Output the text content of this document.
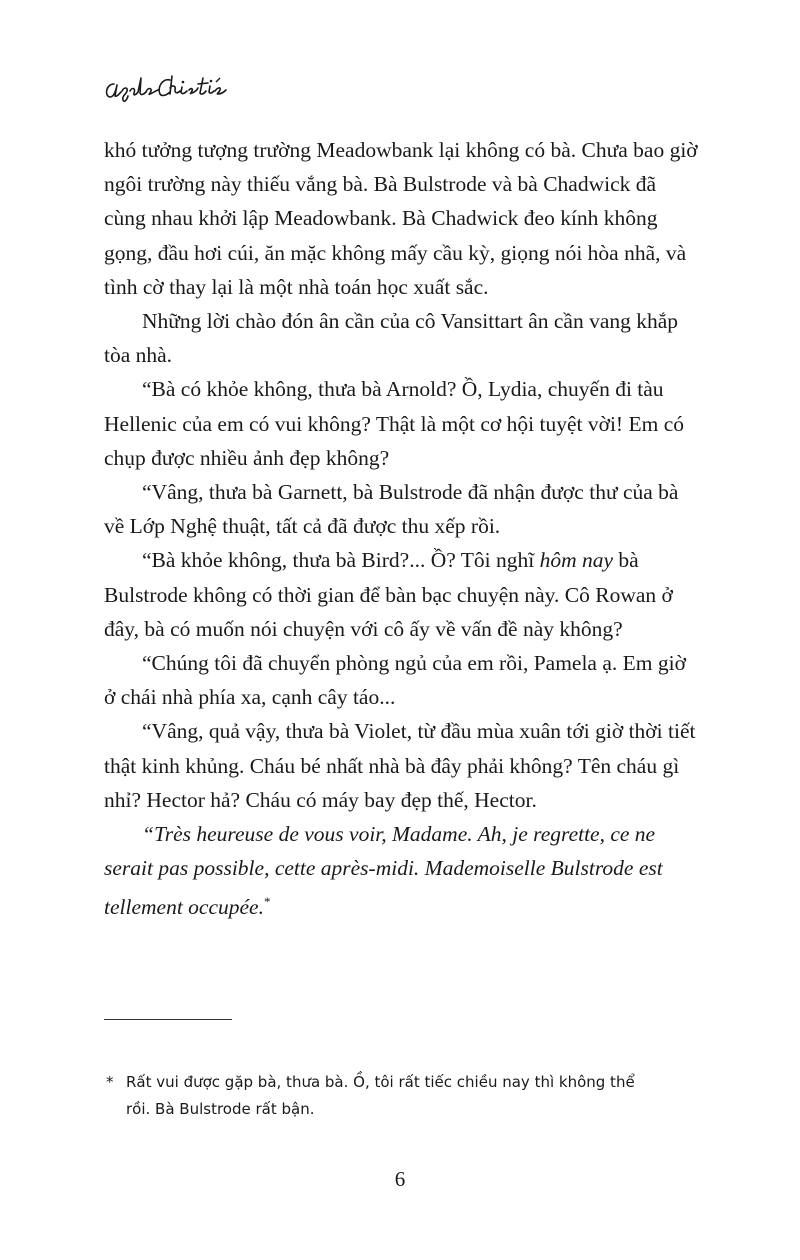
khó tưởng tượng trường Meadowbank lại không có bà. Chưa bao giờ ngôi trường này thiếu vắng bà. Bà Bulstrode và bà Chadwick đã cùng nhau khởi lập Meadowbank. Bà Chadwick đeo kính không gọng, đầu hơi cúi, ăn mặc không mấy cầu kỳ, giọng nói hòa nhã, và tình cờ thay lại là một nhà toán học xuất sắc.

Những lời chào đón ân cần của cô Vansittart ân cần vang khắp tòa nhà.

“Bà có khỏe không, thưa bà Arnold? Ồ, Lydia, chuyến đi tàu Hellenic của em có vui không? Thật là một cơ hội tuyệt vời! Em có chụp được nhiều ảnh đẹp không?

“Vâng, thưa bà Garnett, bà Bulstrode đã nhận được thư của bà về Lớp Nghệ thuật, tất cả đã được thu xếp rồi.

“Bà khỏe không, thưa bà Bird?... Ồ? Tôi nghĩ hôm nay bà Bulstrode không có thời gian để bàn bạc chuyện này. Cô Rowan ở đây, bà có muốn nói chuyện với cô ấy về vấn đề này không?

“Chúng tôi đã chuyển phòng ngủ của em rồi, Pamela ạ. Em giờ ở chái nhà phía xa, cạnh cây táo...

“Vâng, quả vậy, thưa bà Violet, từ đầu mùa xuân tới giờ thời tiết thật kinh khủng. Cháu bé nhất nhà bà đây phải không? Tên cháu gì nhỉ? Hector hả? Cháu có máy bay đẹp thế, Hector.

“Très heureuse de vous voir, Madame. Ah, je regrette, ce ne serait pas possible, cette après-midi. Mademoiselle Bulstrode est tellement occupée.*

* Rất vui được gặp bà, thưa bà. Ồ, tôi rất tiếc chiều nay thì không thể
rồi. Bà Bulstrode rất bận.
6
